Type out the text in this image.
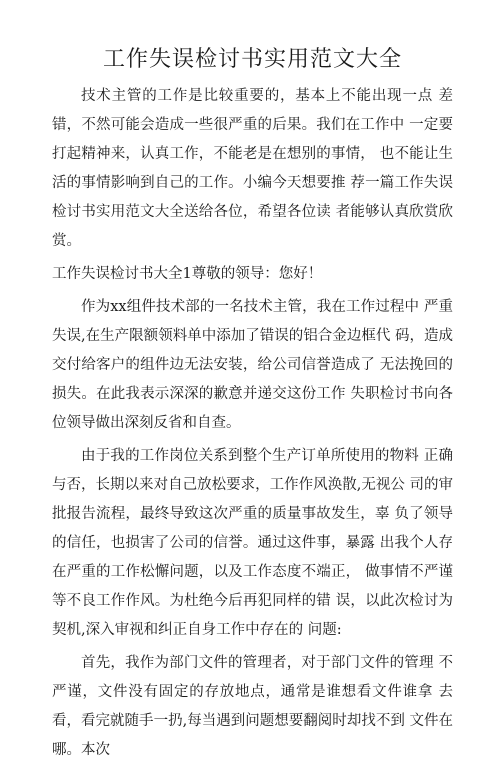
工作失误检讨书实用范文大全

技术主管的工作是比较重要的，基本上不能出现一点 差错，不然可能会造成一些很严重的后果。我们在工作中 一定要打起精神来，认真工作，不能老是在想别的事情， 也不能让生活的事情影响到自己的工作。小编今天想要推 荐一篇工作失误检讨书实用范文大全送给各位，希望各位读 者能够认真欣赏欣赏。

工作失误检讨书大全1尊敬的领导：您好！

作为xx组件技术部的一名技术主管，我在工作过程中 严重失误,在生产限额领料单中添加了错误的铝合金边框代 码，造成交付给客户的组件边无法安装，给公司信誉造成了 无法挽回的损失。在此我表示深深的歉意并递交这份工作 失职检讨书向各位领导做出深刻反省和自查。

由于我的工作岗位关系到整个生产订单所使用的物料 正确与否，长期以来对自己放松要求，工作作风涣散,无视公 司的审批报告流程，最终导致这次严重的质量事故发生，辜 负了领导的信任，也损害了公司的信誉。通过这件事，暴露 出我个人存在严重的工作松懈问题，以及工作态度不端正， 做事情不严谨等不良工作作风。为杜绝今后再犯同样的错 误，以此次检讨为契机,深入审视和纠正自身工作中存在的 问题:

首先，我作为部门文件的管理者，对于部门文件的管理 不严谨，文件没有固定的存放地点，通常是谁想看文件谁拿 去看，看完就随手一扔,每当遇到问题想要翻阅时却找不到 文件在哪。本次
